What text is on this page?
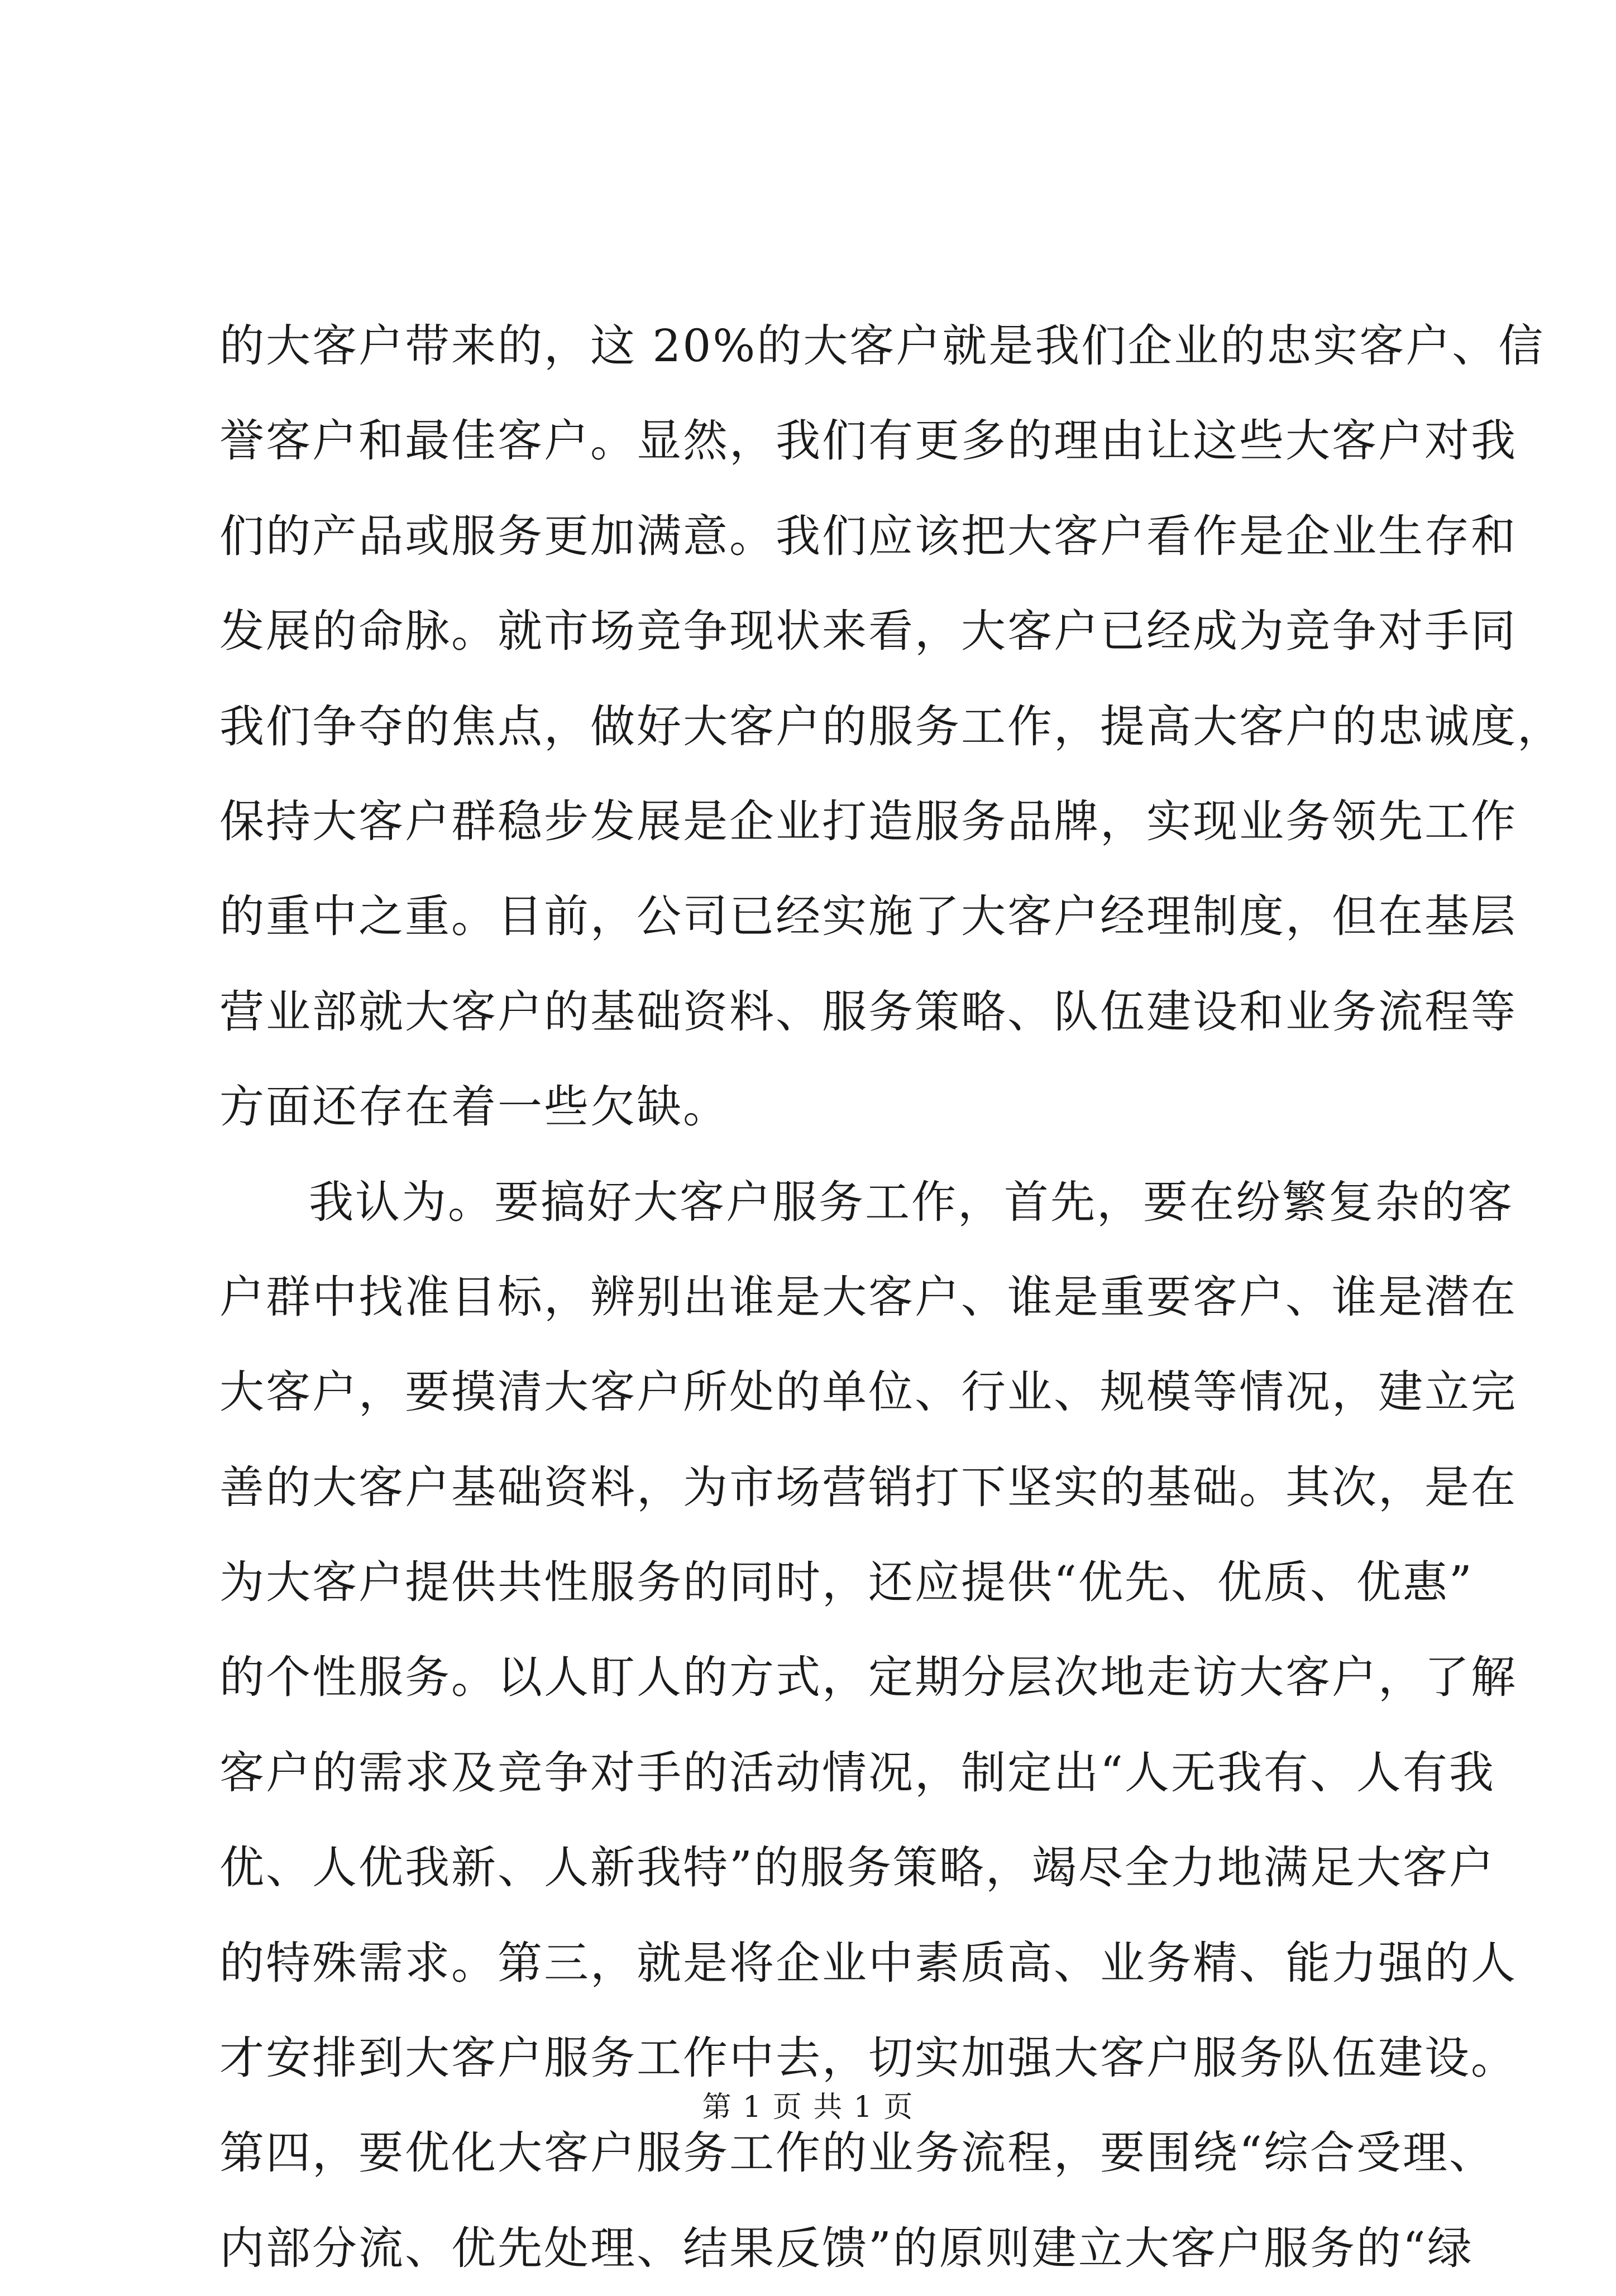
的大客户带来的，这 20%的大客户就是我们企业的忠实客户、信
誉客户和最佳客户。显然，我们有更多的理由让这些大客户对我
们的产品或服务更加满意。我们应该把大客户看作是企业生存和
发展的命脉。就市场竞争现状来看，大客户已经成为竞争对手同
我们争夺的焦点，做好大客户的服务工作，提高大客户的忠诚度，
保持大客户群稳步发展是企业打造服务品牌，实现业务领先工作
的重中之重。目前，公司已经实施了大客户经理制度，但在基层
营业部就大客户的基础资料、服务策略、队伍建设和业务流程等
方面还存在着一些欠缺。
我认为。要搞好大客户服务工作，首先，要在纷繁复杂的客
户群中找准目标，辨别出谁是大客户、谁是重要客户、谁是潜在
大客户，要摸清大客户所处的单位、行业、规模等情况，建立完
善的大客户基础资料，为市场营销打下坚实的基础。其次，是在
为大客户提供共性服务的同时，还应提供“优先、优质、优惠”
的个性服务。以人盯人的方式，定期分层次地走访大客户，了解
客户的需求及竞争对手的活动情况，制定出“人无我有、人有我
优、人优我新、人新我特”的服务策略，竭尽全力地满足大客户
的特殊需求。第三，就是将企业中素质高、业务精、能力强的人
才安排到大客户服务工作中去，切实加强大客户服务队伍建设。
第四，要优化大客户服务工作的业务流程，要围绕“综合受理、
内部分流、优先处理、结果反馈”的原则建立大客户服务的“绿
第 1 页 共 1 页
